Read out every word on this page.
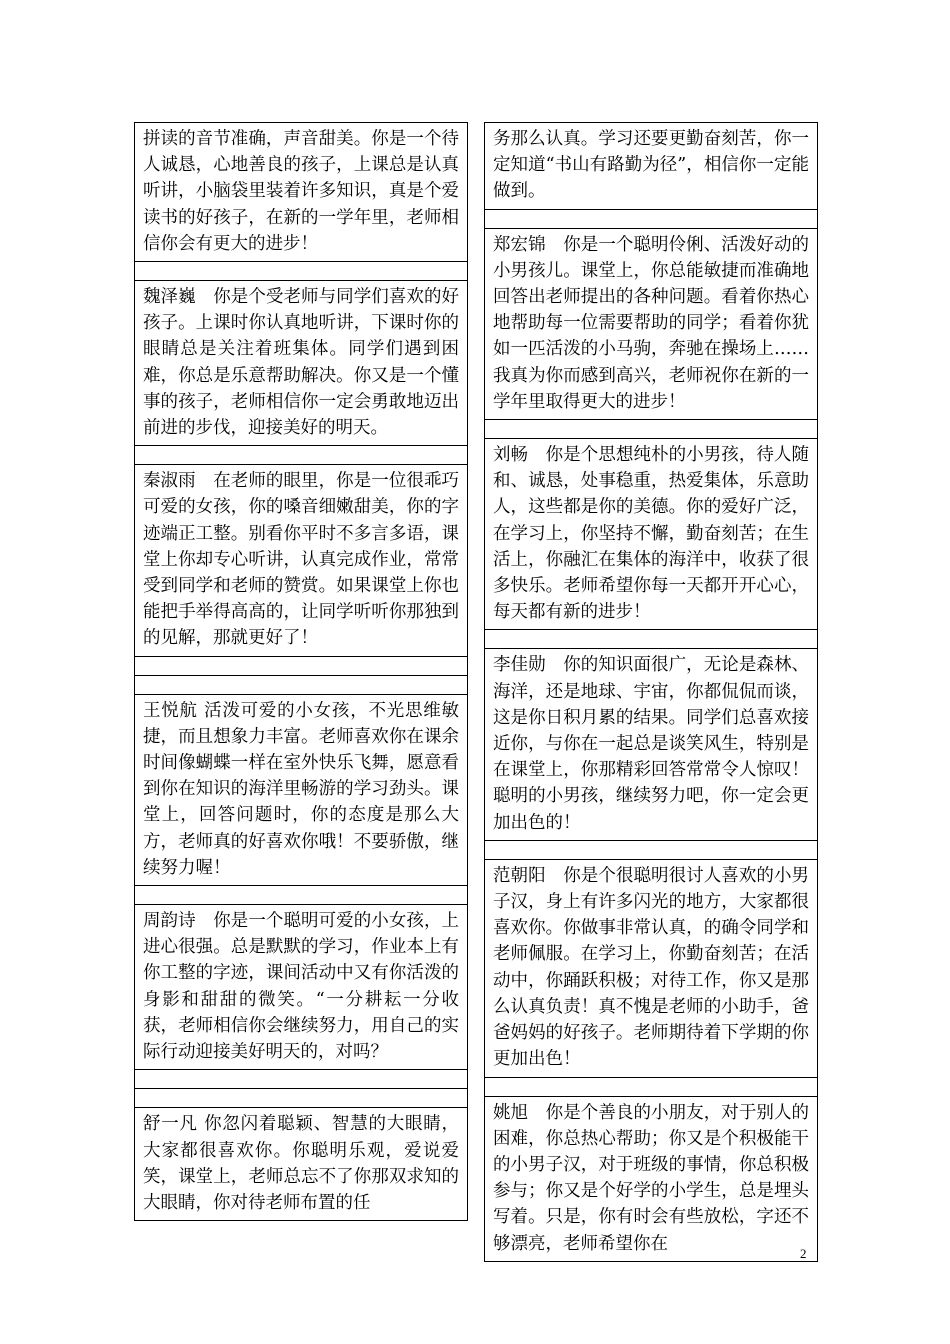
拼读的音节准确，声音甜美。你是一个待人诚恳，心地善良的孩子，上课总是认真听讲，小脑袋里装着许多知识，真是个爱读书的好孩子，在新的一学年里，老师相信你会有更大的进步！
魏泽巍　你是个受老师与同学们喜欢的好孩子。上课时你认真地听讲，下课时你的眼睛总是关注着班集体。同学们遇到困难，你总是乐意帮助解决。你又是一个懂事的孩子，老师相信你一定会勇敢地迈出前进的步伐，迎接美好的明天。
秦淑雨　在老师的眼里，你是一位很乖巧可爱的女孩，你的嗓音细嫩甜美，你的字迹端正工整。别看你平时不多言多语，课堂上你却专心听讲，认真完成作业，常常受到同学和老师的赞赏。如果课堂上你也能把手举得高高的，让同学听听你那独到的见解，那就更好了！
王悦航 活泼可爱的小女孩，不光思维敏捷，而且想象力丰富。老师喜欢你在课余时间像蝴蝶一样在室外快乐飞舞，愿意看到你在知识的海洋里畅游的学习劲头。课堂上，回答问题时，你的态度是那么大方，老师真的好喜欢你哦！不要骄傲，继续努力喔！
周韵诗　你是一个聪明可爱的小女孩，上进心很强。总是默默的学习，作业本上有你工整的字迹，课间活动中又有你活泼的身影和甜甜的微笑。“一分耕耘一分收获，老师相信你会继续努力，用自己的实际行动迎接美好明天的，对吗？
舒一凡 你忽闪着聪颖、智慧的大眼睛，大家都很喜欢你。你聪明乐观，爱说爱笑，课堂上，老师总忘不了你那双求知的大眼睛，你对待老师布置的任
务那么认真。学习还要更勤奋刻苦，你一定知道“书山有路勤为径”，相信你一定能做到。
郑宏锦　你是一个聪明伶俐、活泼好动的小男孩儿。课堂上，你总能敏捷而准确地回答出老师提出的各种问题。看着你热心地帮助每一位需要帮助的同学；看着你犹如一匹活泼的小马驹，奔驰在操场上……我真为你而感到高兴，老师祝你在新的一学年里取得更大的进步！
刘畅　你是个思想纯朴的小男孩，待人随和、诚恳，处事稳重，热爱集体，乐意助人，这些都是你的美德。你的爱好广泛，在学习上，你坚持不懈，勤奋刻苦；在生活上，你融汇在集体的海洋中，收获了很多快乐。老师希望你每一天都开开心心，每天都有新的进步！
李佳勋　你的知识面很广，无论是森林、海洋，还是地球、宇宙，你都侃侃而谈，这是你日积月累的结果。同学们总喜欢接近你，与你在一起总是谈笑风生，特别是在课堂上，你那精彩回答常常令人惊叹！聪明的小男孩，继续努力吧，你一定会更加出色的！
范朝阳　你是个很聪明很讨人喜欢的小男子汉，身上有许多闪光的地方，大家都很喜欢你。你做事非常认真，的确令同学和老师佩服。在学习上，你勤奋刻苦；在活动中，你踊跃积极；对待工作，你又是那么认真负责！真不愧是老师的小助手，爸爸妈妈的好孩子。老师期待着下学期的你更加出色！
姚旭　你是个善良的小朋友，对于别人的困难，你总热心帮助；你又是个积极能干的小男子汉，对于班级的事情，你总积极参与；你又是个好学的小学生，总是埋头写着。只是，你有时会有些放松，字还不够漂亮，老师希望你在	2
